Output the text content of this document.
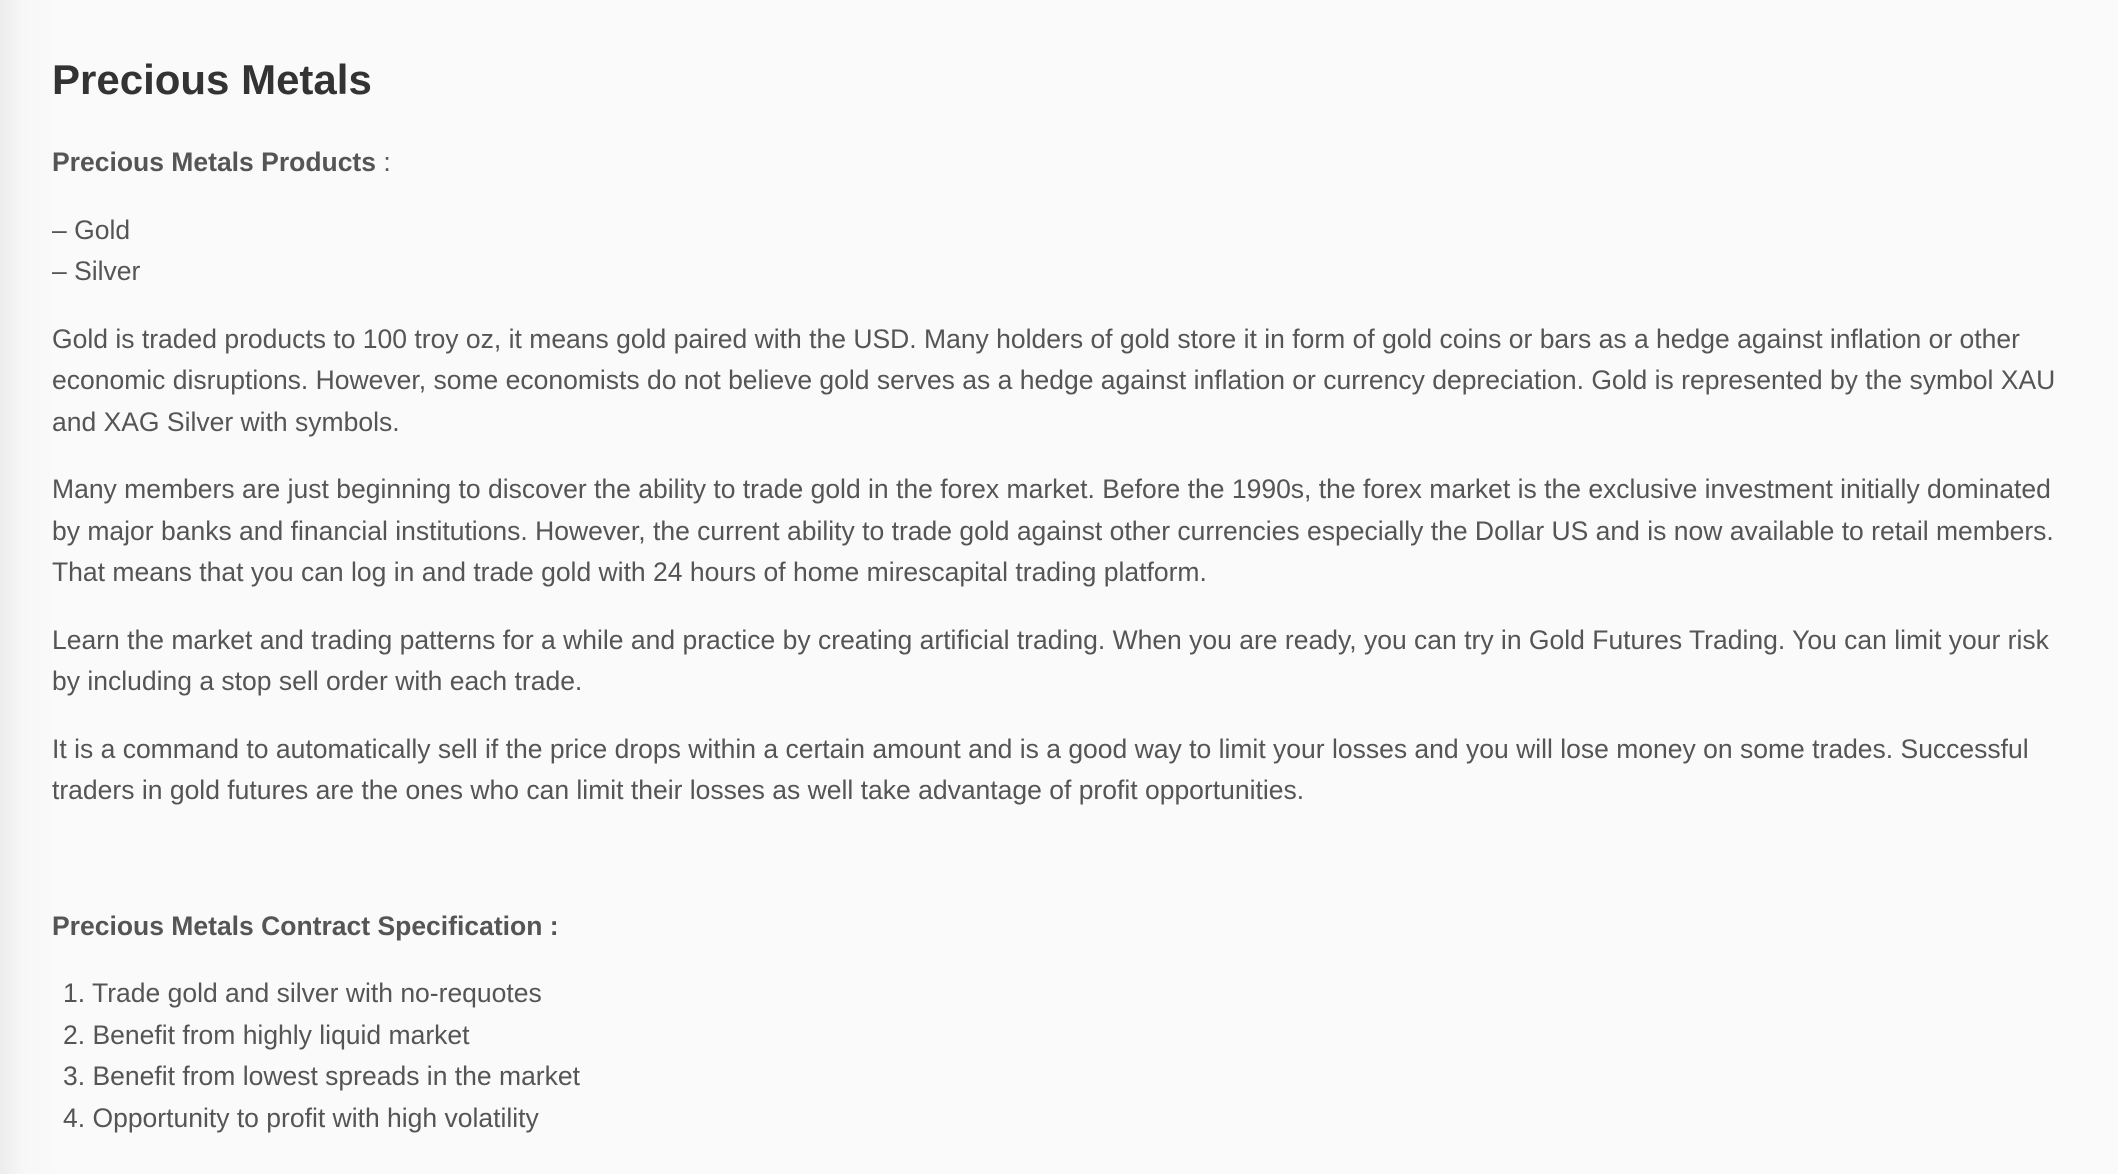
Precious Metals
Precious Metals Products :
– Gold
– Silver

Gold is traded products to 100 troy oz, it means gold paired with the USD. Many holders of gold store it in form of gold coins or bars as a hedge against inflation or other economic disruptions. However, some economists do not believe gold serves as a hedge against inflation or currency depreciation. Gold is represented by the symbol XAU and XAG Silver with symbols.

Many members are just beginning to discover the ability to trade gold in the forex market. Before the 1990s, the forex market is the exclusive investment initially dominated by major banks and financial institutions. However, the current ability to trade gold against other currencies especially the Dollar US and is now available to retail members. That means that you can log in and trade gold with 24 hours of home mirescapital trading platform.

Learn the market and trading patterns for a while and practice by creating artificial trading. When you are ready, you can try in Gold Futures Trading. You can limit your risk by including a stop sell order with each trade.

It is a command to automatically sell if the price drops within a certain amount and is a good way to limit your losses and you will lose money on some trades. Successful traders in gold futures are the ones who can limit their losses as well take advantage of profit opportunities.

Precious Metals Contract Specification :
1. Trade gold and silver with no-requotes
2. Benefit from highly liquid market
3. Benefit from lowest spreads in the market
4. Opportunity to profit with high volatility
